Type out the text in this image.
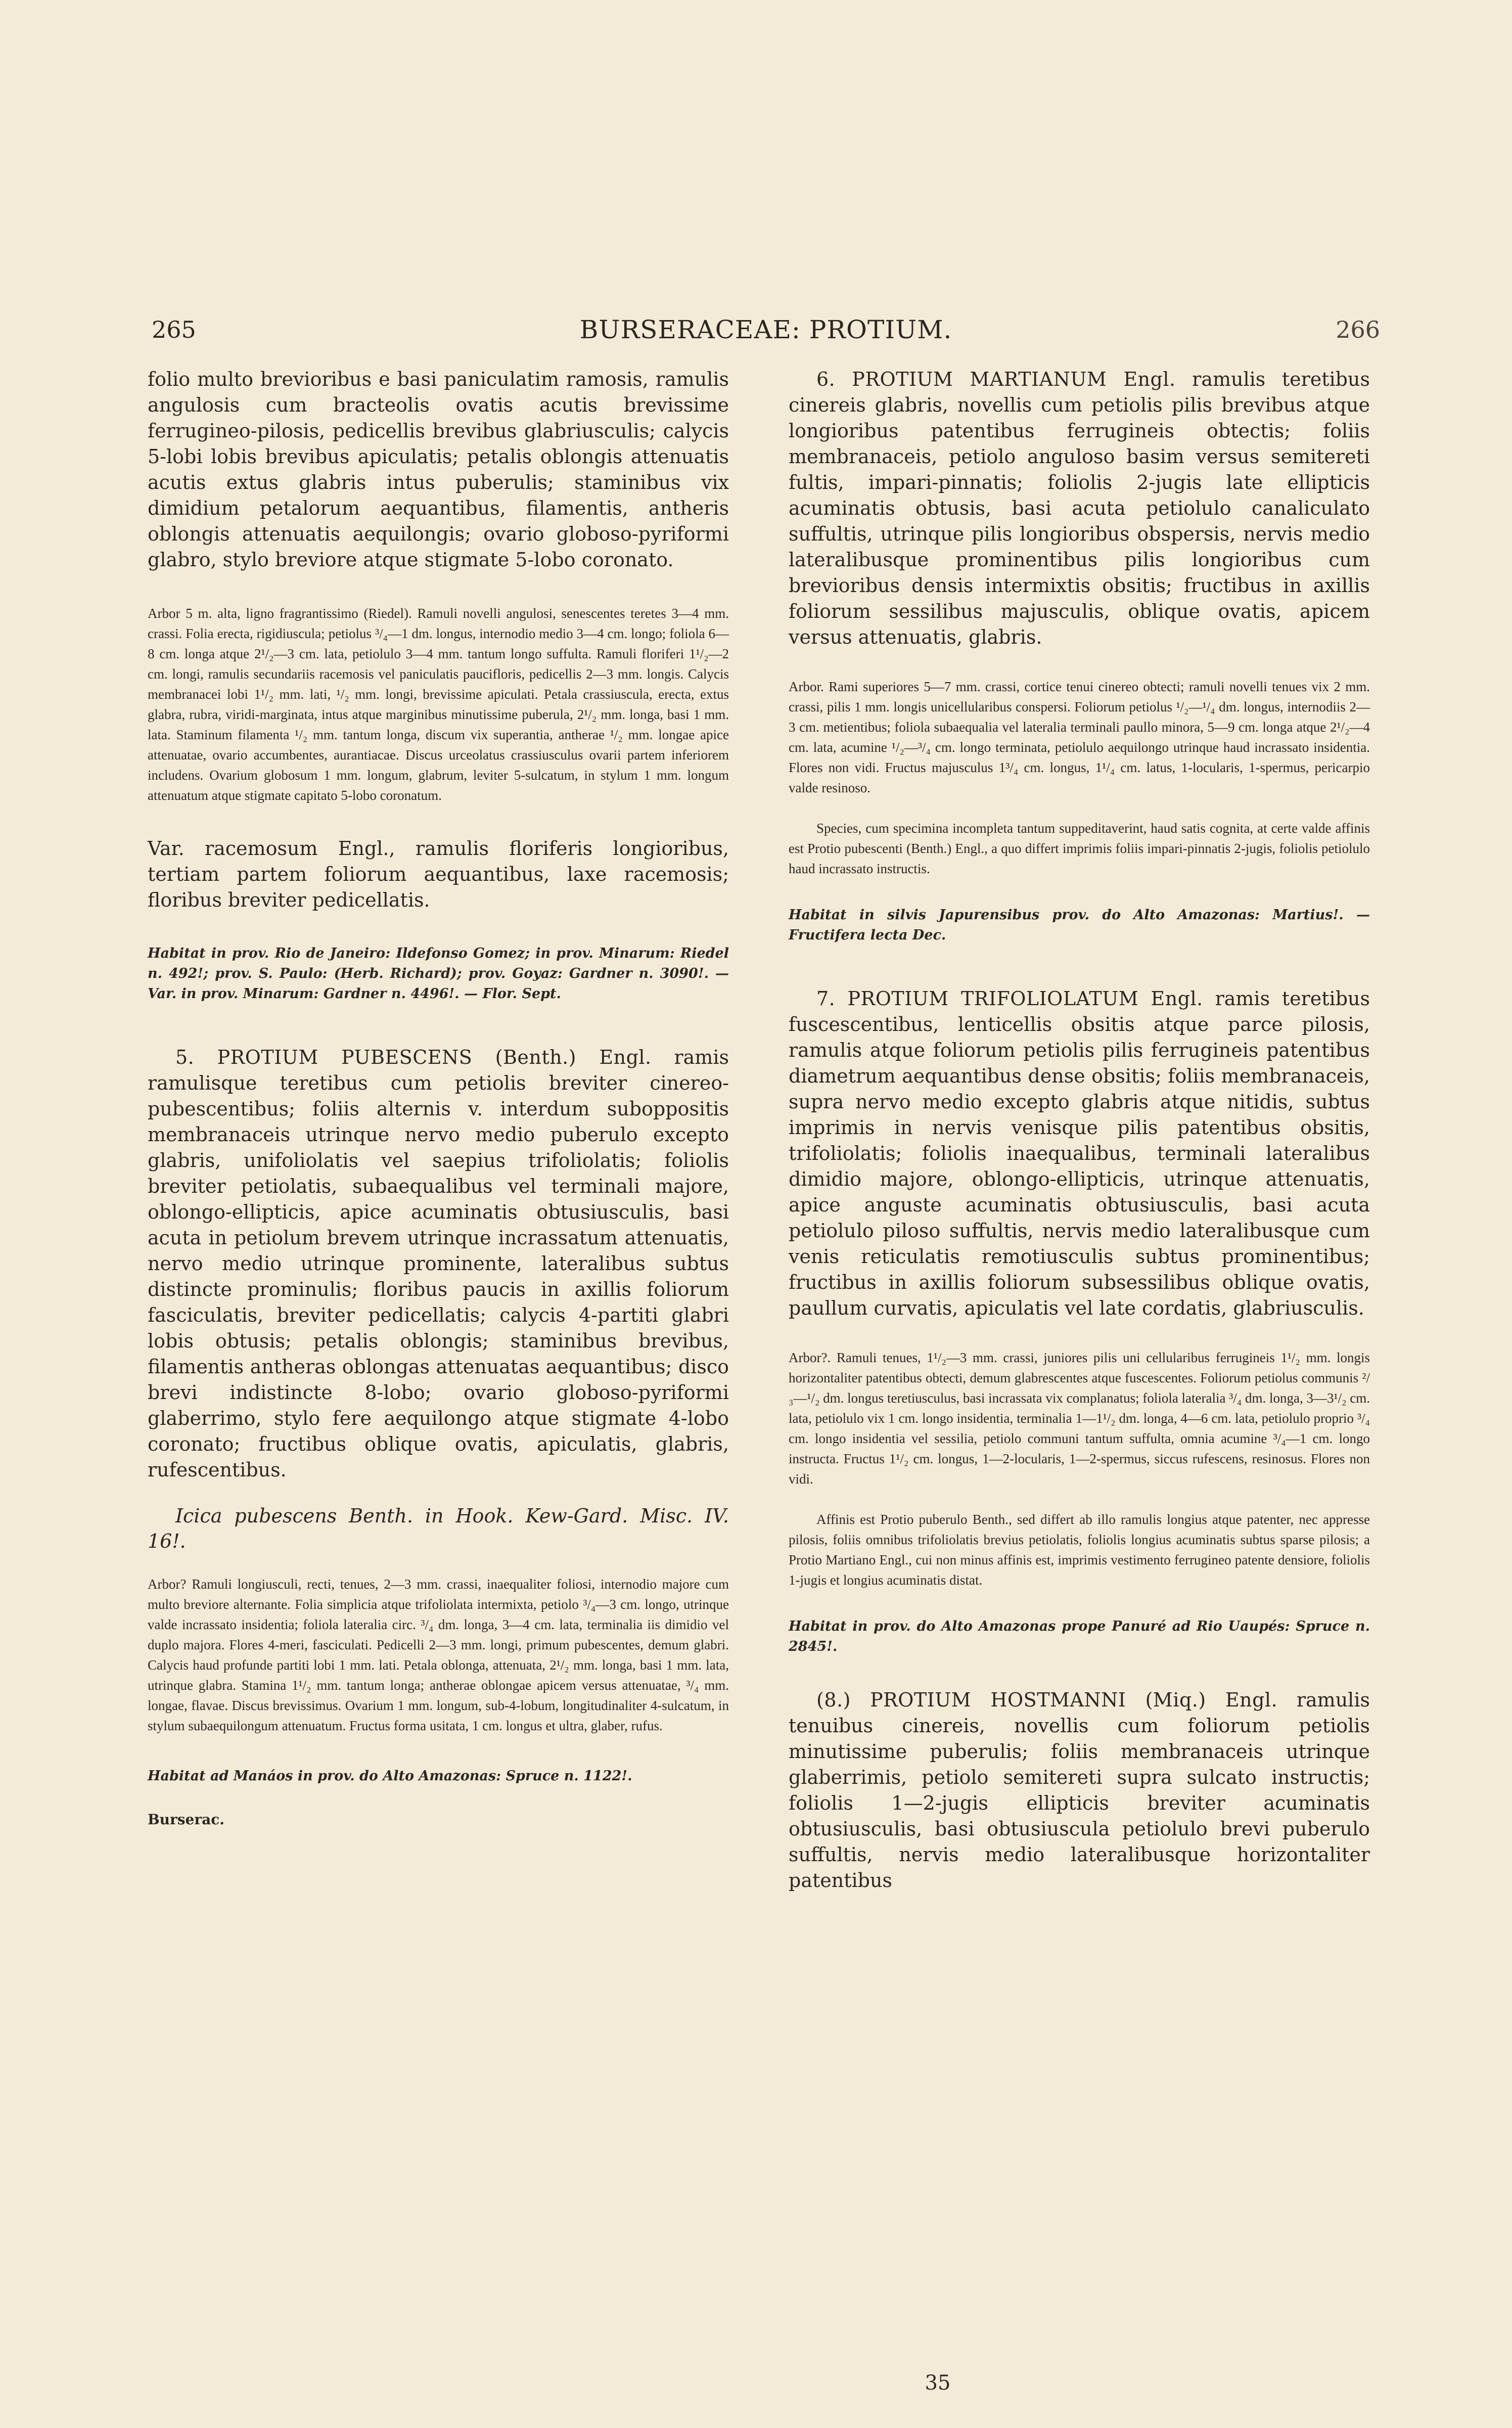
265	BURSERACEAE: PROTIUM.	266

folio multo brevioribus e basi paniculatim ramosis, ramulis angulosis cum bracteolis ovatis acutis brevissime ferrugineo-pilosis, pedicellis brevibus glabriusculis; calycis 5-lobi lobis brevibus apiculatis; petalis oblongis attenuatis acutis extus glabris intus puberulis; staminibus vix dimidium petalorum aequantibus, filamentis, antheris oblongis attenuatis aequilongis; ovario globoso-pyriformi glabro, stylo breviore atque stigmate 5-lobo coronato.

Arbor 5 m. alta, ligno fragrantissimo (Riedel). Ramuli novelli angulosi, senescentes teretes 3—4 mm. crassi. Folia erecta, rigidiuscula; petiolus ³/₄—1 dm. longus, internodio medio 3—4 cm. longo; foliola 6—8 cm. longa atque 2¹/₂—3 cm. lata, petiolulo 3—4 mm. tantum longo suffulta. Ramuli floriferi 1¹/₂—2 cm. longi, ramulis secundariis racemosis vel paniculatis paucifloris, pedicellis 2—3 mm. longis. Calycis membranacei lobi 1¹/₂ mm. lati, ¹/₂ mm. longi, brevissime apiculati. Petala crassiuscula, erecta, extus glabra, rubra, viridi-marginata, intus atque marginibus minutissime puberula, 2¹/₂ mm. longa, basi 1 mm. lata. Staminum filamenta ¹/₂ mm. tantum longa, discum vix superantia, antherae ¹/₂ mm. longae apice attenuatae, ovario accumbentes, aurantiacae. Discus urceolatus crassiusculus ovarii partem inferiorem includens. Ovarium globosum 1 mm. longum, glabrum, leviter 5-sulcatum, in stylum 1 mm. longum attenuatum atque stigmate capitato 5-lobo coronatum.

Var. racemosum Engl., ramulis floriferis longioribus, tertiam partem foliorum aequantibus, laxe racemosis; floribus breviter pedicellatis.

Habitat in prov. Rio de Janeiro: Ildefonso Gomez; in prov. Minarum: Riedel n. 492!; prov. S. Paulo: (Herb. Richard); prov. Goyaz: Gardner n. 3090!. — Var. in prov. Minarum: Gardner n. 4496!. — Flor. Sept.

5. PROTIUM PUBESCENS (Benth.) Engl. ramis ramulisque teretibus cum petiolis breviter cinereo-pubescentibus; foliis alternis v. interdum suboppositis membranaceis utrinque nervo medio puberulo excepto glabris, unifoliolatis vel saepius trifoliolatis; foliolis breviter petiolatis, subaequalibus vel terminali majore, oblongo-ellipticis, apice acuminatis obtusiusculis, basi acuta in petiolum brevem utrinque incrassatum attenuatis, nervo medio utrinque prominente, lateralibus subtus distincte prominulis; floribus paucis in axillis foliorum fasciculatis, breviter pedicellatis; calycis 4-partiti glabri lobis obtusis; petalis oblongis; staminibus brevibus, filamentis antheras oblongas attenuatas aequantibus; disco brevi indistincte 8-lobo; ovario globoso-pyriformi glaberrimo, stylo fere aequilongo atque stigmate 4-lobo coronato; fructibus oblique ovatis, apiculatis, glabris, rufescentibus.

Icica pubescens Benth. in Hook. Kew-Gard. Misc. IV. 16!.

Arbor? Ramuli longiusculi, recti, tenues, 2—3 mm. crassi, inaequaliter foliosi, internodio majore cum multo breviore alternante. Folia simplicia atque trifoliolata intermixta, petiolo ³/₄—3 cm. longo, utrinque valde incrassato insidentia; foliola lateralia circ. ³/₄ dm. longa, 3—4 cm. lata, terminalia iis dimidio vel duplo majora. Flores 4-meri, fasciculati. Pedicelli 2—3 mm. longi, primum pubescentes, demum glabri. Calycis haud profunde partiti lobi 1 mm. lati. Petala oblonga, attenuata, 2¹/₂ mm. longa, basi 1 mm. lata, utrinque glabra. Stamina 1¹/₂ mm. tantum longa; antherae oblongae apicem versus attenuatae, ³/₄ mm. longae, flavae. Discus brevissimus. Ovarium 1 mm. longum, sub-4-lobum, longitudinaliter 4-sulcatum, in stylum subaequilongum attenuatum. Fructus forma usitata, 1 cm. longus et ultra, glaber, rufus.

Habitat ad Manáos in prov. do Alto Amazonas: Spruce n. 1122!.

Burserac.

6. PROTIUM MARTIANUM Engl. ramulis teretibus cinereis glabris, novellis cum petiolis pilis brevibus atque longioribus patentibus ferrugineis obtectis; foliis membranaceis, petiolo anguloso basim versus semitereti fultis, impari-pinnatis; foliolis 2-jugis late ellipticis acuminatis obtusis, basi acuta petiolulo canaliculato suffultis, utrinque pilis longioribus obspersis, nervis medio lateralibusque prominentibus pilis longioribus cum brevioribus densis intermixtis obsitis; fructibus in axillis foliorum sessilibus majusculis, oblique ovatis, apicem versus attenuatis, glabris.

Arbor. Rami superiores 5—7 mm. crassi, cortice tenui cinereo obtecti; ramuli novelli tenues vix 2 mm. crassi, pilis 1 mm. longis unicellularibus conspersi. Foliorum petiolus ¹/₂—¹/₄ dm. longus, internodiis 2—3 cm. metientibus; foliola subaequalia vel lateralia terminali paullo minora, 5—9 cm. longa atque 2¹/₂—4 cm. lata, acumine ¹/₂—³/₄ cm. longo terminata, petiolulo aequilongo utrinque haud incrassato insidentia. Flores non vidi. Fructus majusculus 1³/₄ cm. longus, 1¹/₄ cm. latus, 1-locularis, 1-spermus, pericarpio valde resinoso.

Species, cum specimina incompleta tantum suppeditaverint, haud satis cognita, at certe valde affinis est Protio pubescenti (Benth.) Engl., a quo differt imprimis foliis impari-pinnatis 2-jugis, foliolis petiolulo haud incrassato instructis.

Habitat in silvis Japurensibus prov. do Alto Amazonas: Martius!. — Fructifera lecta Dec.

7. PROTIUM TRIFOLIOLATUM Engl. ramis teretibus fuscescentibus, lenticellis obsitis atque parce pilosis, ramulis atque foliorum petiolis pilis ferrugineis patentibus diametrum aequantibus dense obsitis; foliis membranaceis, supra nervo medio excepto glabris atque nitidis, subtus imprimis in nervis venisque pilis patentibus obsitis, trifoliolatis; foliolis inaequalibus, terminali lateralibus dimidio majore, oblongo-ellipticis, utrinque attenuatis, apice anguste acuminatis obtusiusculis, basi acuta petiolulo piloso suffultis, nervis medio lateralibusque cum venis reticulatis remotiusculis subtus prominentibus; fructibus in axillis foliorum subsessilibus oblique ovatis, paullum curvatis, apiculatis vel late cordatis, glabriusculis.

Arbor?. Ramuli tenues, 1¹/₂—3 mm. crassi, juniores pilis uni cellularibus ferrugineis 1¹/₂ mm. longis horizontaliter patentibus obtecti, demum glabrescentes atque fuscescentes. Foliorum petiolus communis ²/₃—¹/₂ dm. longus teretiusculus, basi incrassata vix complanatus; foliola lateralia ³/₄ dm. longa, 3—3¹/₂ cm. lata, petiolulo vix 1 cm. longo insidentia, terminalia 1—1¹/₂ dm. longa, 4—6 cm. lata, petiolulo proprio ³/₄ cm. longo insidentia vel sessilia, petiolo communi tantum suffulta, omnia acumine ³/₄—1 cm. longo instructa. Fructus 1¹/₂ cm. longus, 1—2-locularis, 1—2-spermus, siccus rufescens, resinosus. Flores non vidi.

Affinis est Protio puberulo Benth., sed differt ab illo ramulis longius atque patenter, nec appresse pilosis, foliis omnibus trifoliolatis brevius petiolatis, foliolis longius acuminatis subtus sparse pilosis; a Protio Martiano Engl., cui non minus affinis est, imprimis vestimento ferrugineo patente densiore, foliolis 1-jugis et longius acuminatis distat.

Habitat in prov. do Alto Amazonas prope Panuré ad Rio Uaupés: Spruce n. 2845!.

(8.) PROTIUM HOSTMANNI (Miq.) Engl. ramulis tenuibus cinereis, novellis cum foliorum petiolis minutissime puberulis; foliis membranaceis utrinque glaberrimis, petiolo semitereti supra sulcato instructis; foliolis 1—2-jugis ellipticis breviter acuminatis obtusiusculis, basi obtusiuscula petiolulo brevi puberulo suffultis, nervis medio lateralibusque horizontaliter patentibus

35
